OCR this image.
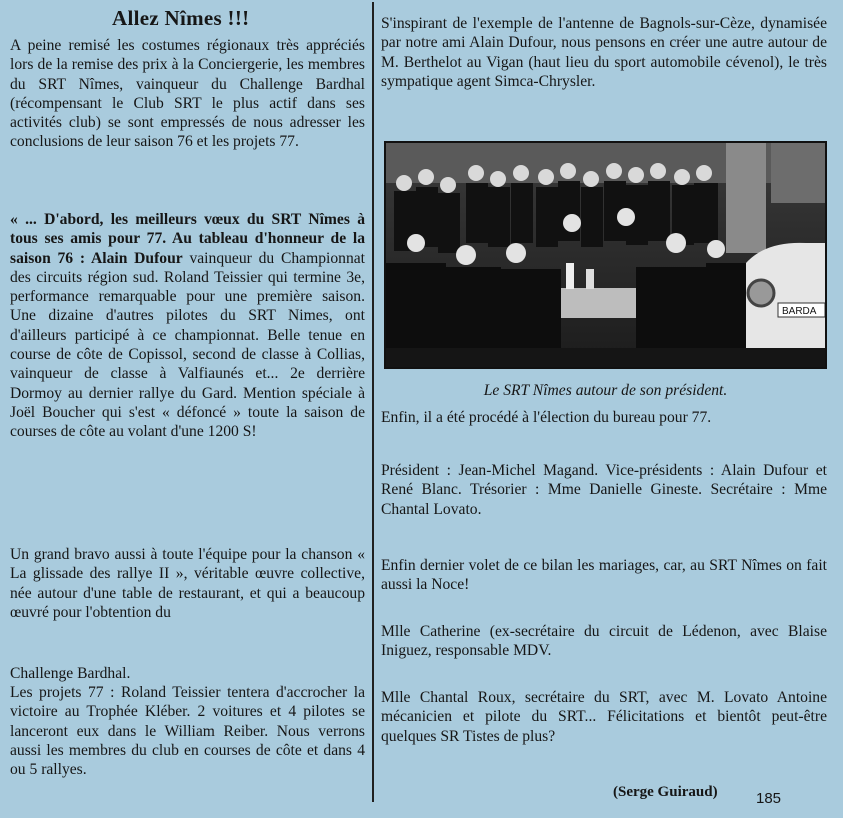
Allez Nîmes !!!

A peine remisé les costumes régionaux très appréciés lors de la remise des prix à la Conciergerie, les membres du SRT Nîmes, vainqueur du Challenge Bardhal (récompensant le Club SRT le plus actif dans ses activités club) se sont empressés de nous adresser les conclusions de leur saison 76 et les projets 77.

« ... D'abord, les meilleurs vœux du SRT Nîmes à tous ses amis pour 77. Au tableau d'honneur de la saison 76 : Alain Dufour vainqueur du Championnat des circuits région sud. Roland Teissier qui termine 3e, performance remarquable pour une première saison. Une dizaine d'autres pilotes du SRT Nimes, ont d'ailleurs participé à ce championnat. Belle tenue en course de côte de Copissol, second de classe à Collias, vainqueur de classe à Valfiaunés et... 2e derrière Dormoy au dernier rallye du Gard. Mention spéciale à Joël Boucher qui s'est « défoncé » toute la saison de courses de côte au volant d'une 1200 S!

Un grand bravo aussi à toute l'équipe pour la chanson « La glissade des rallye II », véritable œuvre collective, née autour d'une table de restaurant, et qui a beaucoup œuvré pour l'obtention du

Challenge Bardhal.

Les projets 77 : Roland Teissier tentera d'accrocher la victoire au Trophée Kléber. 2 voitures et 4 pilotes se lanceront eux dans le William Reiber. Nous verrons aussi les membres du club en courses de côte et dans 4 ou 5 rallyes.

S'inspirant de l'exemple de l'antenne de Bagnols-sur-Cèze, dynamisée par notre ami Alain Dufour, nous pensons en créer une autre autour de M. Berthelot au Vigan (haut lieu du sport automobile cévenol), le très sympatique agent Simca-Chrysler.

BARDA
Le SRT Nîmes autour de son président.

Enfin, il a été procédé à l'élection du bureau pour 77.

Président : Jean-Michel Magand. Vice-présidents : Alain Dufour et René Blanc. Trésorier : Mme Danielle Gineste. Secrétaire : Mme Chantal Lovato.

Enfin dernier volet de ce bilan les mariages, car, au SRT Nîmes on fait aussi la Noce!

Mlle Catherine (ex-secrétaire du circuit de Lédenon, avec Blaise Iniguez, responsable MDV.

Mlle Chantal Roux, secrétaire du SRT, avec M. Lovato Antoine mécanicien et pilote du SRT... Félicitations et bientôt peut-être quelques SR Tistes de plus?

(Serge Guiraud)	185
